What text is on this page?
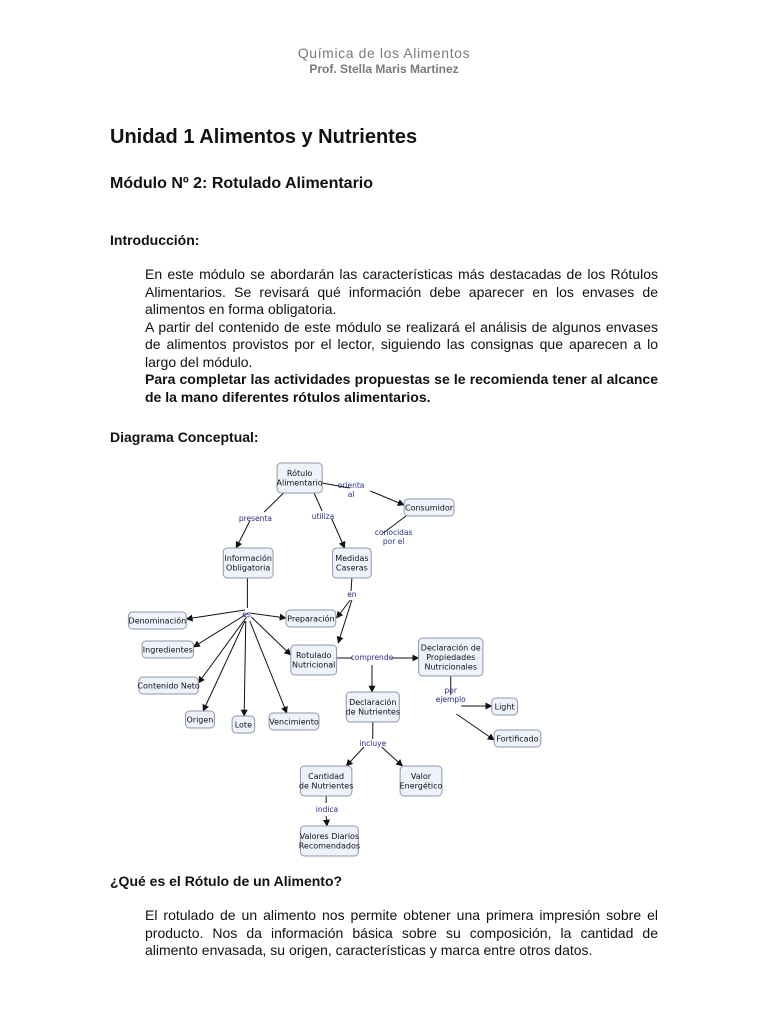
Química de los Alimentos
Prof. Stella Maris Martinez
Unidad 1 Alimentos y Nutrientes
Módulo Nº 2: Rotulado Alimentario
Introducción:

En este módulo se abordarán las características más destacadas de los Rótulos Alimentarios. Se revisará qué información debe aparecer en los envases de alimentos en forma obligatoria.
A partir del contenido de este módulo se realizará el análisis de algunos envases de alimentos provistos por el lector, siguiendo las consignas que aparecen a lo largo del módulo.
Para completar las actividades propuestas se le recomienda tener al alcance de la mano diferentes rótulos alimentarios.

Diagrama Conceptual:
orienta al
presenta	utiliza
conocidas por el
es
en
comprende
por ejemplo
incluye
indica
Rótulo Alimentario
Consumidor
Información Obligatoria
Medidas Caseras
Denominación	Preparación
Ingredientes
Rotulado Nutricional
Declaración de Propiedades Nutricionales
Contenido Neto
Origen
Lote Vencimiento
Declaración de Nutrientes
Light
Fortificado
Cantidad de Nutrientes
Valor Energético
Valores Diarios Recomendados
¿Qué es el Rótulo de un Alimento?

El rotulado de un alimento nos permite obtener una primera impresión sobre el producto. Nos da información básica sobre su composición, la cantidad de alimento envasada, su origen, características y marca entre otros datos.
